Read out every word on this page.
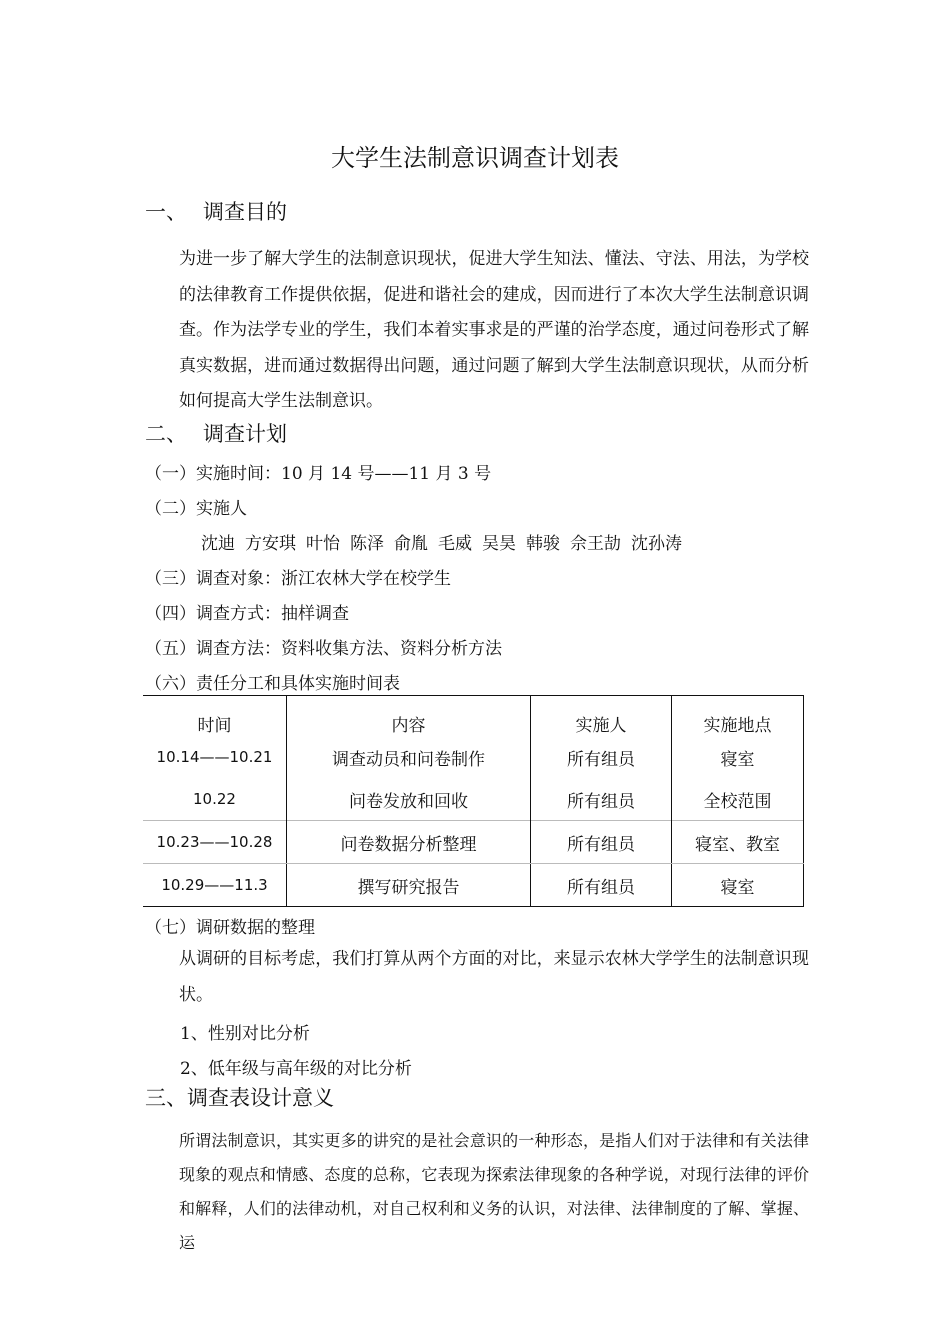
大学生法制意识调查计划表
一、 调查目的
为进一步了解大学生的法制意识现状，促进大学生知法、懂法、守法、用法，为学校的法律教育工作提供依据，促进和谐社会的建成，因而进行了本次大学生法制意识调查。作为法学专业的学生，我们本着实事求是的严谨的治学态度，通过问卷形式了解真实数据，进而通过数据得出问题，通过问题了解到大学生法制意识现状，从而分析如何提高大学生法制意识。
二、 调查计划
（一）实施时间：10 月 14 号——11 月 3 号
（二）实施人
沈迪 方安琪 叶怡 陈泽 俞胤 毛威 吴昊 韩骏 佘王劼 沈孙涛
（三）调查对象：浙江农林大学在校学生
（四）调查方式：抽样调查
（五）调查方法：资料收集方法、资料分析方法
（六）责任分工和具体实施时间表
时间	内容	实施人	实施地点
10.14——10.21	调查动员和问卷制作	所有组员	寝室
10.22	问卷发放和回收	所有组员	全校范围
10.23——10.28	问卷数据分析整理	所有组员	寝室、教室
10.29——11.3	撰写研究报告	所有组员	寝室
（七）调研数据的整理
从调研的目标考虑，我们打算从两个方面的对比，来显示农林大学学生的法制意识现状。
1、性别对比分析
2、低年级与高年级的对比分析
三、调查表设计意义
所谓法制意识，其实更多的讲究的是社会意识的一种形态，是指人们对于法律和有关法律现象的观点和情感、态度的总称，它表现为探索法律现象的各种学说，对现行法律的评价和解释，人们的法律动机，对自己权利和义务的认识，对法律、法律制度的了解、掌握、运
